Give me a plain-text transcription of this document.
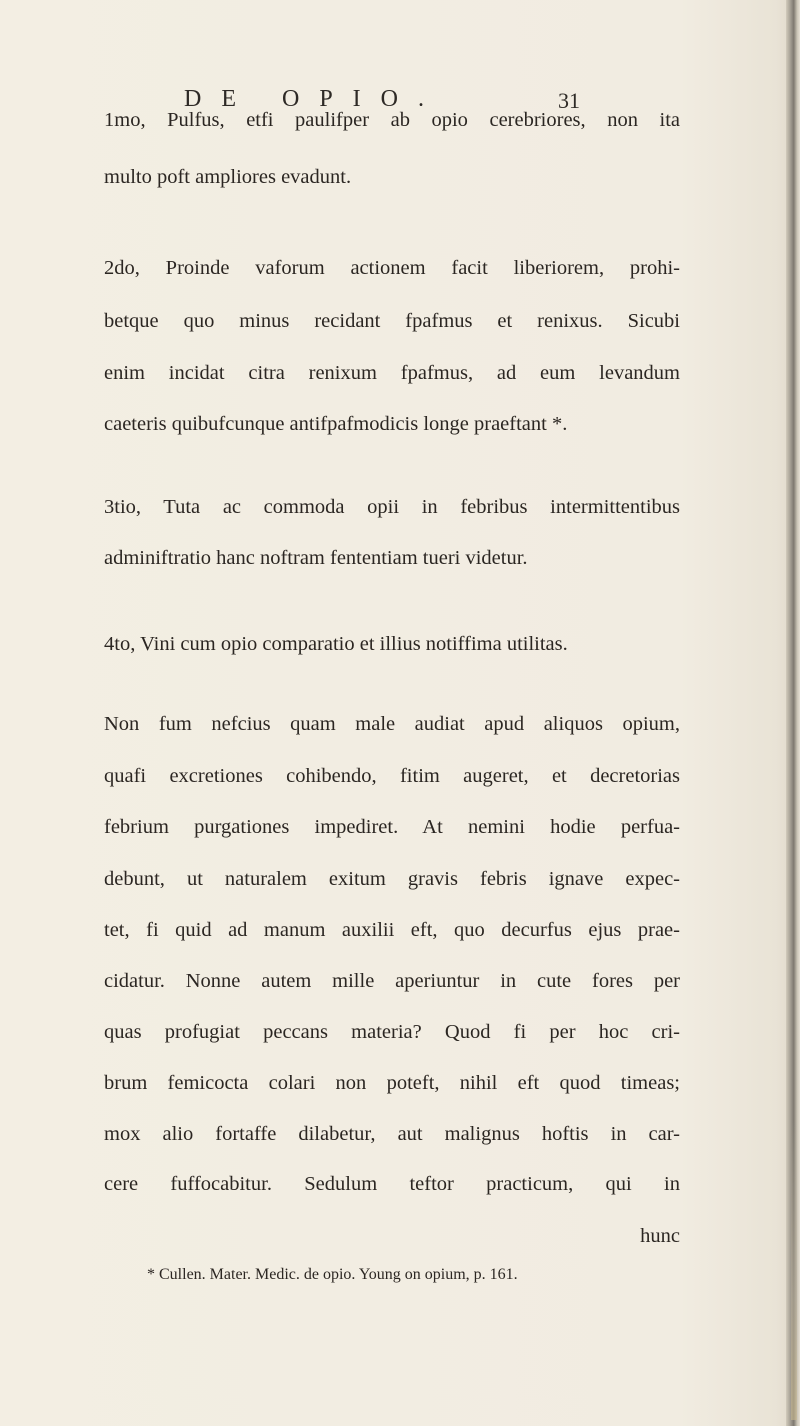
DE OPIO.	31
1mo, Pulfus, etfi paulifper ab opio cerebriores, non ita
multo poft ampliores evadunt.
2do, Proinde vaforum actionem facit liberiorem, prohi-
betque quo minus recidant fpafmus et renixus. Sicubi
enim incidat citra renixum fpafmus, ad eum levandum
caeteris quibufcunque antifpafmodicis longe praeftant *.
3tio, Tuta ac commoda opii in febribus intermittentibus
adminiftratio hanc noftram fententiam tueri videtur.
4to, Vini cum opio comparatio et illius notiffima utilitas.
Non fum nefcius quam male audiat apud aliquos opium,
quafi excretiones cohibendo, fitim augeret, et decretorias
febrium purgationes impediret. At nemini hodie perfua-
debunt, ut naturalem exitum gravis febris ignave expec-
tet, fi quid ad manum auxilii eft, quo decurfus ejus prae-
cidatur. Nonne autem mille aperiuntur in cute fores per
quas profugiat peccans materia? Quod fi per hoc cri-
brum femicocta colari non poteft, nihil eft quod timeas;
mox alio fortaffe dilabetur, aut malignus hoftis in car-
cere fuffocabitur. Sedulum teftor practicum, qui in
hunc
* Cullen. Mater. Medic. de opio. Young on opium, p. 161.
